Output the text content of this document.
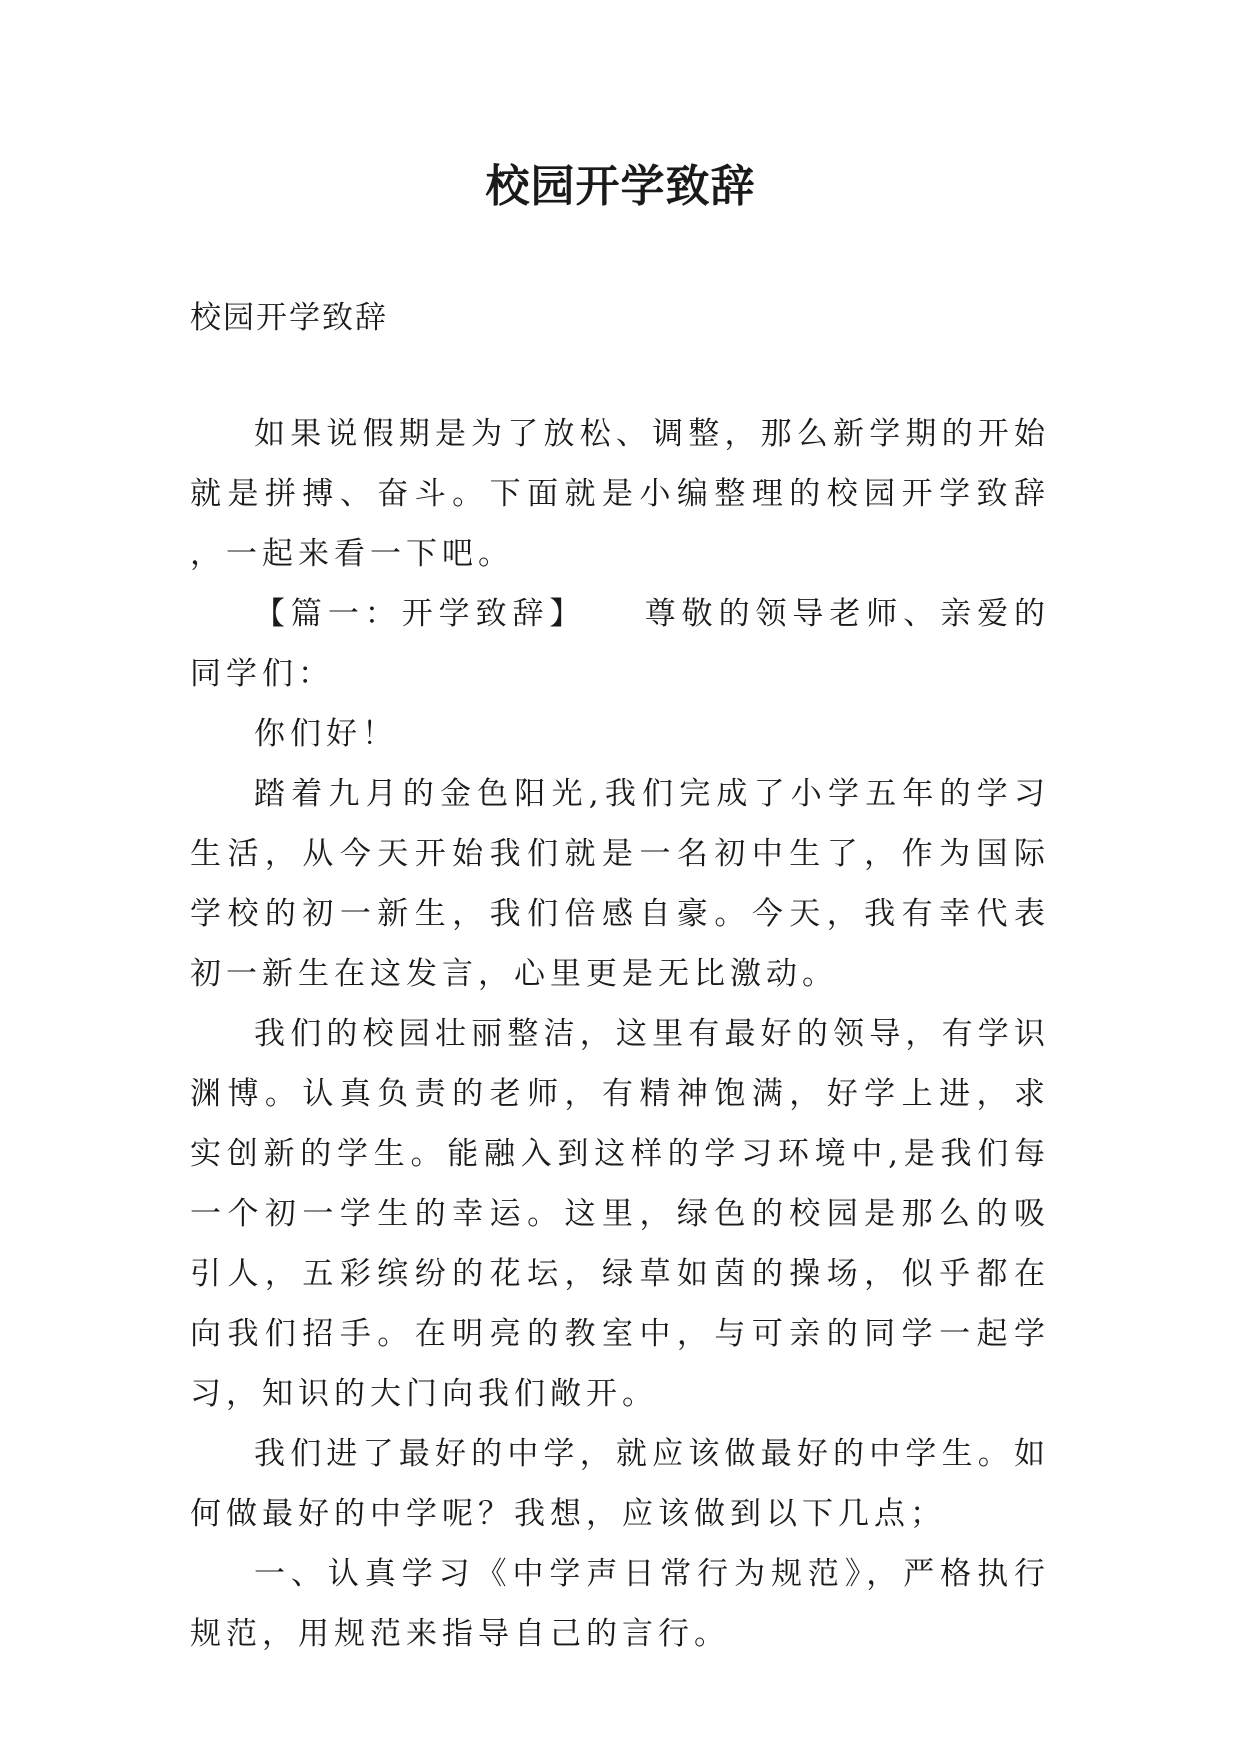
校园开学致辞
校园开学致辞

如果说假期是为了放松、调整，那么新学期的开始就是拼搏、奋斗。下面就是小编整理的校园开学致辞 ，一起来看一下吧。

【篇一：开学致辞】　　尊敬的领导老师、亲爱的同学们：

你们好！

踏着九月的金色阳光,我们完成了小学五年的学习生活，从今天开始我们就是一名初中生了，作为国际学校的初一新生，我们倍感自豪。今天，我有幸代表初一新生在这发言，心里更是无比激动。

我们的校园壮丽整洁，这里有最好的领导，有学识渊博。认真负责的老师，有精神饱满，好学上进，求实创新的学生。能融入到这样的学习环境中,是我们每一个初一学生的幸运。这里，绿色的校园是那么的吸引人，五彩缤纷的花坛，绿草如茵的操场，似乎都在向我们招手。在明亮的教室中，与可亲的同学一起学习，知识的大门向我们敞开。

我们进了最好的中学，就应该做最好的中学生。如何做最好的中学呢？我想，应该做到以下几点；

一、认真学习《中学声日常行为规范》，严格执行规范，用规范来指导自己的言行。
